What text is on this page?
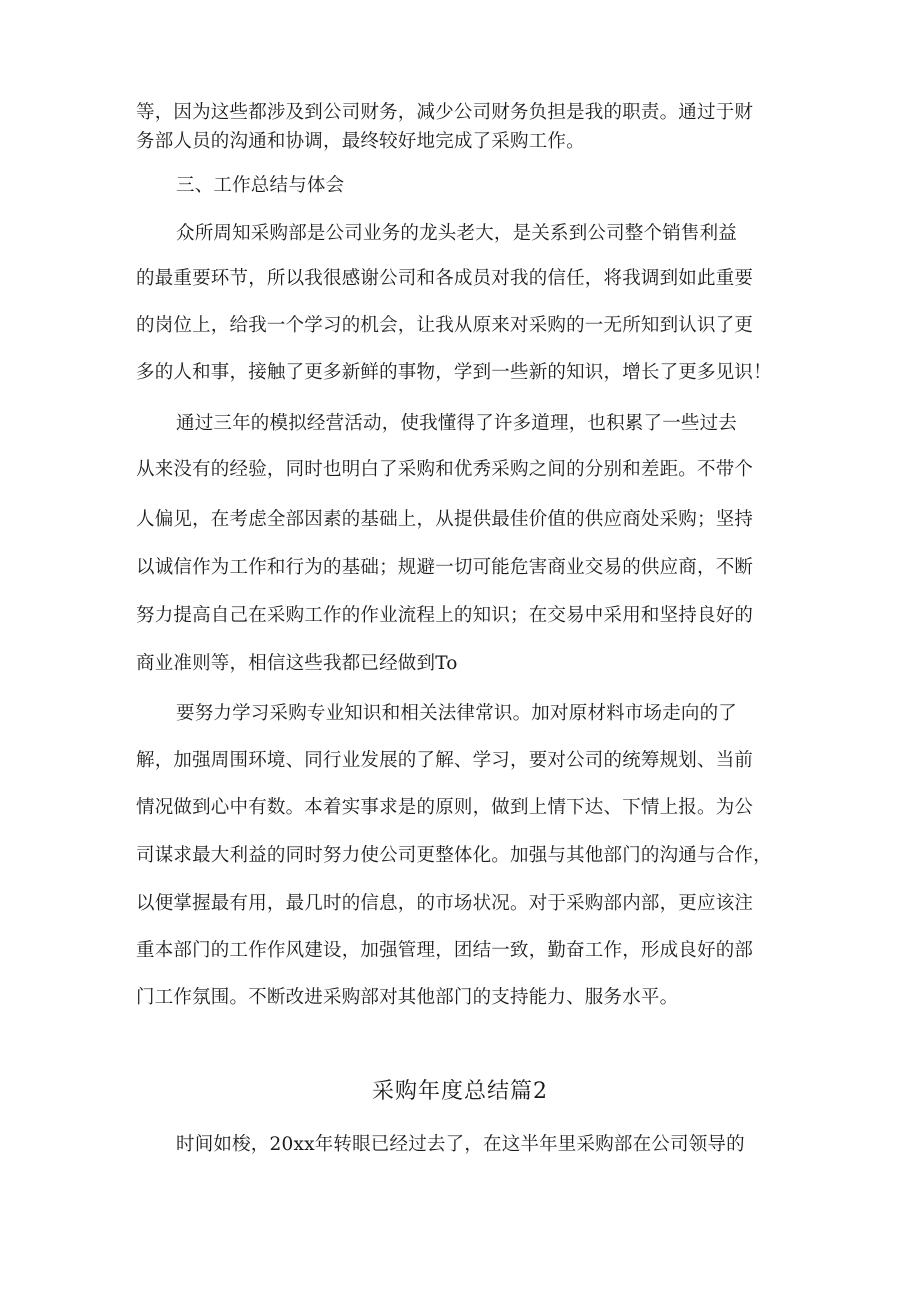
等，因为这些都涉及到公司财务，减少公司财务负担是我的职责。通过于财
务部人员的沟通和协调，最终较好地完成了采购工作。
三、工作总结与体会
众所周知采购部是公司业务的龙头老大，是关系到公司整个销售利益
的最重要环节，所以我很感谢公司和各成员对我的信任，将我调到如此重要
的岗位上，给我一个学习的机会，让我从原来对采购的一无所知到认识了更
多的人和事，接触了更多新鲜的事物，学到一些新的知识，增长了更多见识！
通过三年的模拟经营活动，使我懂得了许多道理，也积累了一些过去
从来没有的经验，同时也明白了采购和优秀采购之间的分别和差距。不带个
人偏见，在考虑全部因素的基础上，从提供最佳价值的供应商处采购；坚持
以诚信作为工作和行为的基础；规避一切可能危害商业交易的供应商，不断
努力提高自己在采购工作的作业流程上的知识；在交易中采用和坚持良好的
商业准则等，相信这些我都已经做到To
要努力学习采购专业知识和相关法律常识。加对原材料市场走向的了
解，加强周围环境、同行业发展的了解、学习，要对公司的统筹规划、当前
情况做到心中有数。本着实事求是的原则，做到上情下达、下情上报。为公
司谋求最大利益的同时努力使公司更整体化。加强与其他部门的沟通与合作，
以便掌握最有用，最几时的信息，的市场状况。对于采购部内部，更应该注
重本部门的工作作风建设，加强管理，团结一致，勤奋工作，形成良好的部
门工作氛围。不断改进采购部对其他部门的支持能力、服务水平。
采购年度总结篇2
时间如梭，20xx年转眼已经过去了，在这半年里采购部在公司领导的
